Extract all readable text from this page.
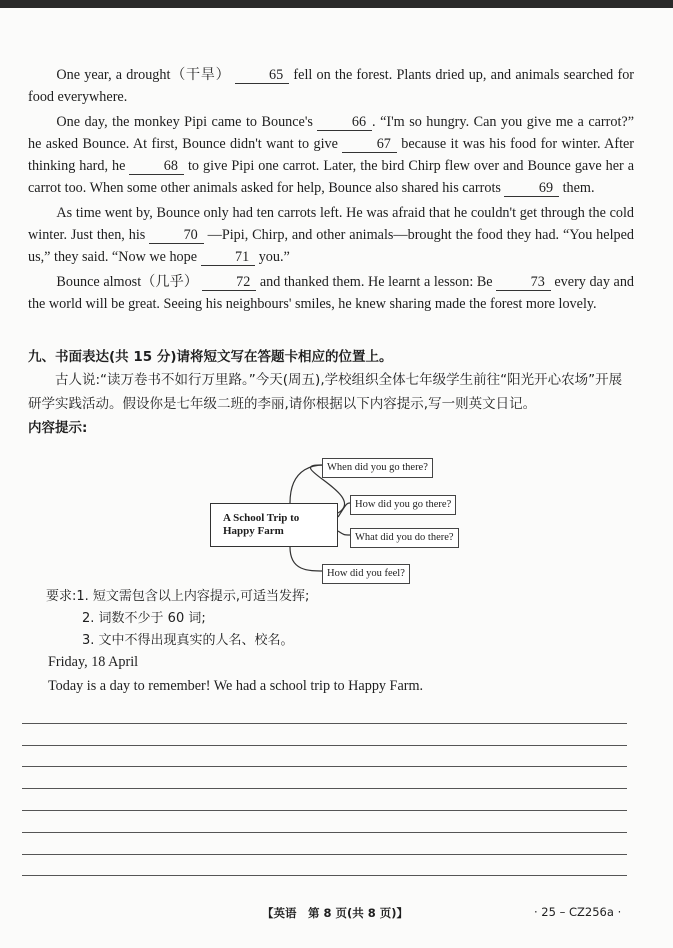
One year, a drought（干旱）	65 fell on the forest. Plants dried up, and animals searched for food everywhere.

One day, the monkey Pipi came to Bounce's	66 . “I'm so hungry. Can you give me a carrot?” he asked Bounce. At first, Bounce didn't want to give	67 because it was his food for winter. After thinking hard, he	68 to give Pipi one carrot. Later, the bird Chirp flew over and Bounce gave her a carrot too. When some other animals asked for help, Bounce also shared his carrots	69 them.

As time went by, Bounce only had ten carrots left. He was afraid that he couldn't get through the cold winter. Just then, his	70 —Pipi, Chirp, and other animals—brought the food they had. “You helped us,” they said. “Now we hope	71 you.”

Bounce almost（几乎）	72 and thanked them. He learnt a lesson: Be	73 every day and the world will be great. Seeing his neighbours' smiles, he knew sharing made the forest more lovely.

九、书面表达(共 15 分)请将短文写在答题卡相应的位置上。

古人说:“读万卷书不如行万里路。”今天(周五),学校组织全体七年级学生前往“阳光开心农场”开展研学实践活动。假设你是七年级二班的李丽,请你根据以下内容提示,写一则英文日记。

内容提示:

A School Trip to
Happy Farm
When did you go there?
How did you go there?
What did you do there?
How did you feel?

要求:1. 短文需包含以上内容提示,可适当发挥;

2. 词数不少于 60 词;

3. 文中不得出现真实的人名、校名。

Friday, 18 April

Today is a day to remember! We had a school trip to Happy Farm.

【英语　第 8 页(共 8 页)】	· 25 – CZ256a ·
